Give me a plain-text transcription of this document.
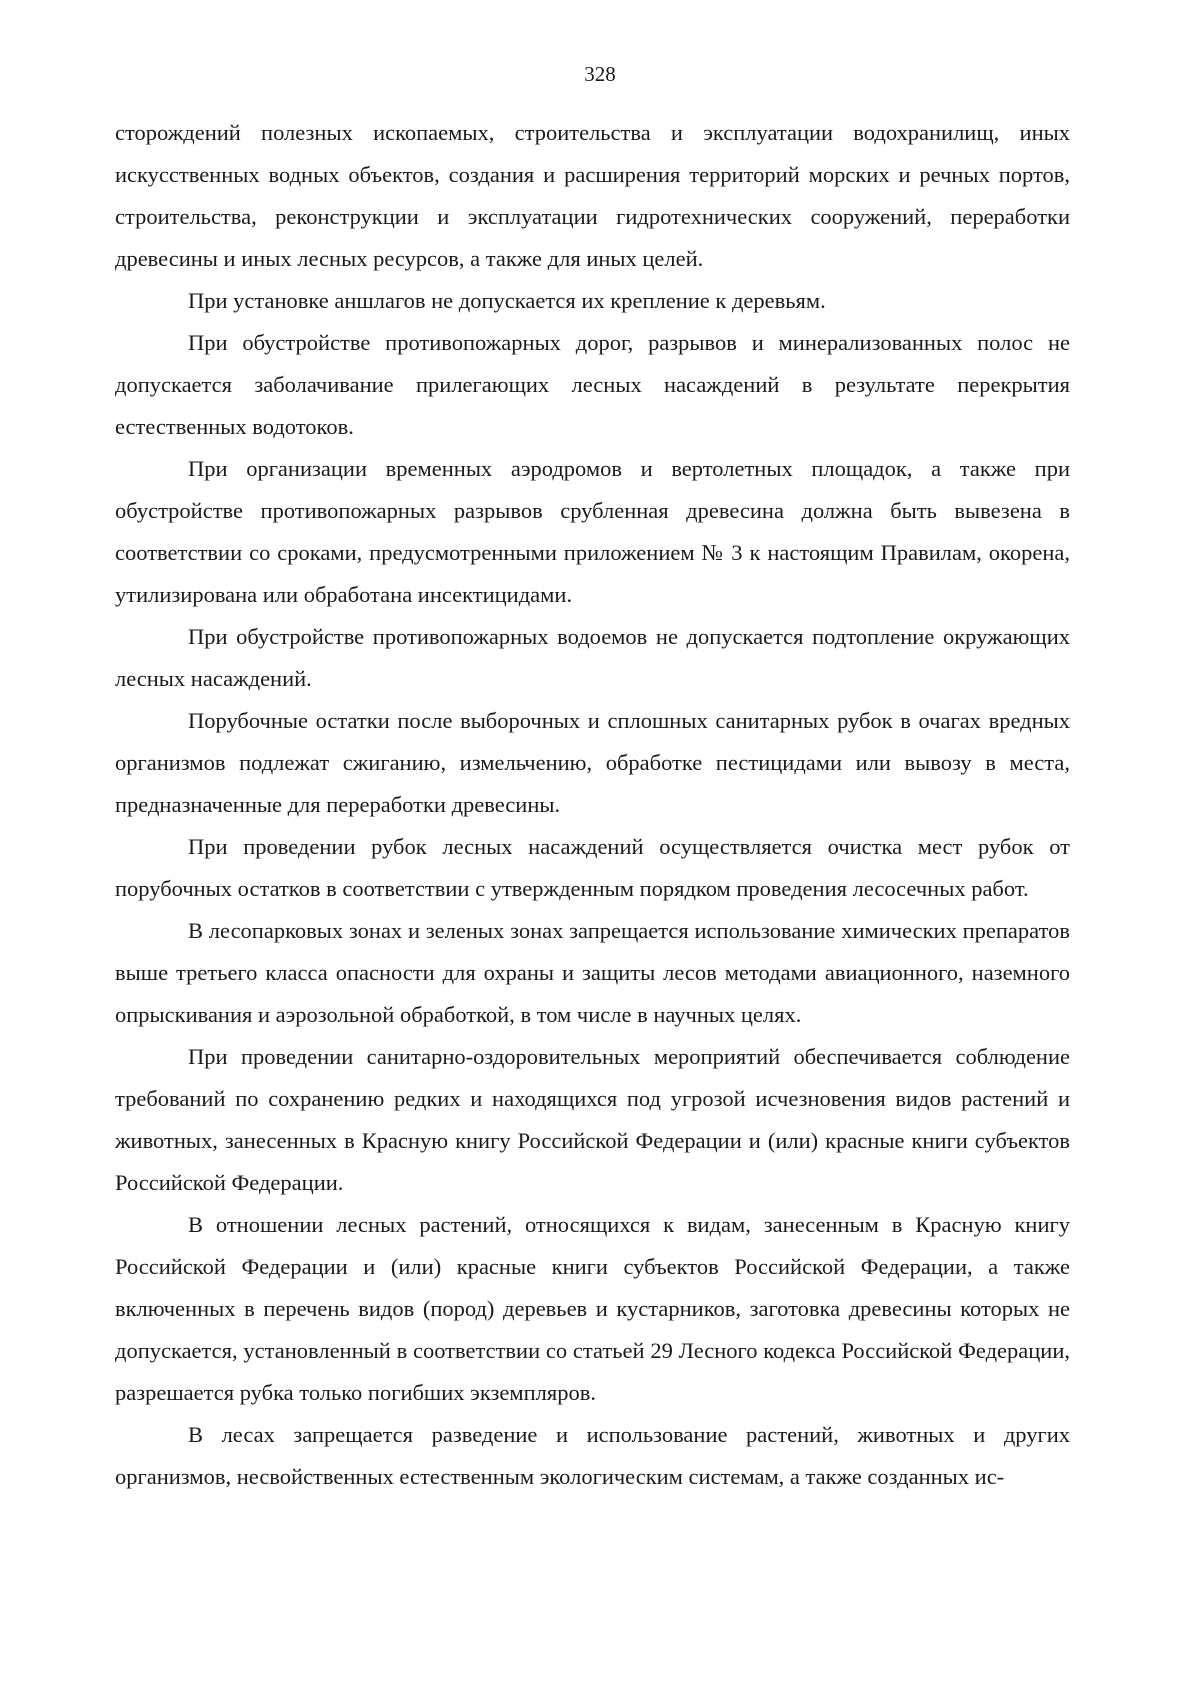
328

сторождений полезных ископаемых, строительства и эксплуатации водохранилищ, иных искусственных водных объектов, создания и расширения территорий морских и речных портов, строительства, реконструкции и эксплуатации гидротехнических сооружений, переработки древесины и иных лесных ресурсов, а также для иных целей.

При установке аншлагов не допускается их крепление к деревьям.

При обустройстве противопожарных дорог, разрывов и минерализованных полос не допускается заболачивание прилегающих лесных насаждений в результате перекрытия естественных водотоков.

При организации временных аэродромов и вертолетных площадок, а также при обустройстве противопожарных разрывов срубленная древесина должна быть вывезена в соответствии со сроками, предусмотренными приложением № 3 к настоящим Правилам, окорена, утилизирована или обработана инсектицидами.

При обустройстве противопожарных водоемов не допускается подтопление окружающих лесных насаждений.

Порубочные остатки после выборочных и сплошных санитарных рубок в очагах вредных организмов подлежат сжиганию, измельчению, обработке пестицидами или вывозу в места, предназначенные для переработки древесины.

При проведении рубок лесных насаждений осуществляется очистка мест рубок от порубочных остатков в соответствии с утвержденным порядком проведения лесосечных работ.

В лесопарковых зонах и зеленых зонах запрещается использование химических препаратов выше третьего класса опасности для охраны и защиты лесов методами авиационного, наземного опрыскивания и аэрозольной обработкой, в том числе в научных целях.

При проведении санитарно-оздоровительных мероприятий обеспечивается соблюдение требований по сохранению редких и находящихся под угрозой исчезновения видов растений и животных, занесенных в Красную книгу Российской Федерации и (или) красные книги субъектов Российской Федерации.

В отношении лесных растений, относящихся к видам, занесенным в Красную книгу Российской Федерации и (или) красные книги субъектов Российской Федерации, а также включенных в перечень видов (пород) деревьев и кустарников, заготовка древесины которых не допускается, установленный в соответствии со статьей 29 Лесного кодекса Российской Федерации, разрешается рубка только погибших экземпляров.

В лесах запрещается разведение и использование растений, животных и других организмов, несвойственных естественным экологическим системам, а также созданных ис-
